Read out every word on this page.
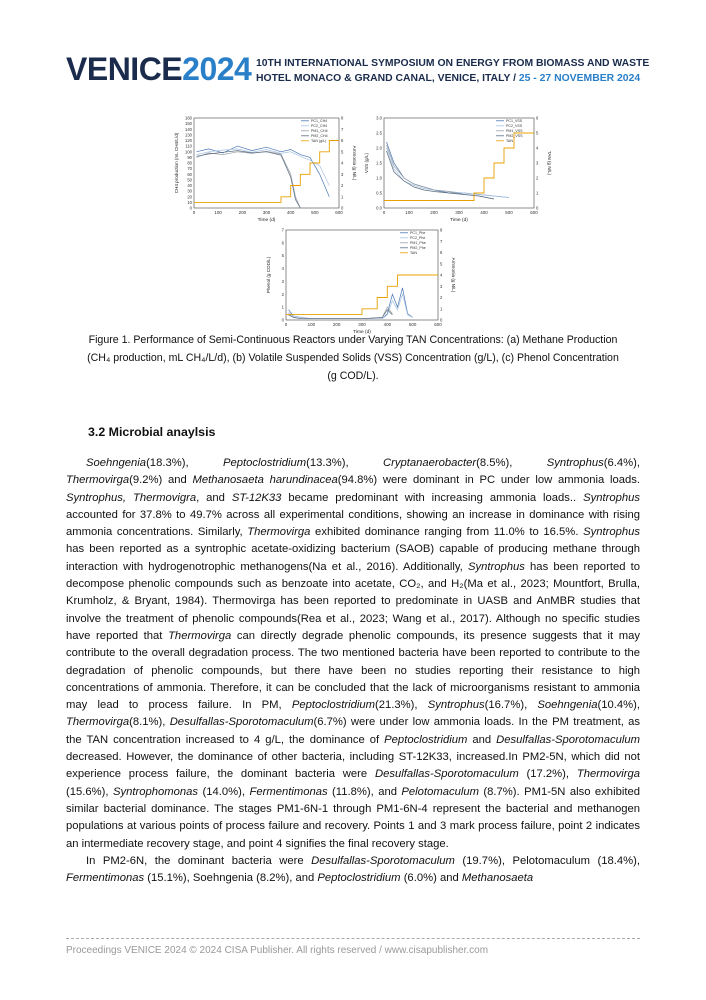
VENICE2024 10TH INTERNATIONAL SYMPOSIUM ON ENERGY FROM BIOMASS AND WASTE
HOTEL MONACO & GRAND CANAL, VENICE, ITALY / 25 - 27 NOVEMBER 2024
0	100	200	300	400	500	600
0
10
20
30
40
50
60
70
80
90
100
110
120
130
140
150
160
0
1
2
3
4
5
6
7
8
Time (d)
CH4 production (mL CH4/L/d)	Ammonia (g N/L)
PC1_CH4
PC2_CH4
PM1_CH4
PM2_CH4
TAN (g/L)
0	100	200	300	400	500	600
0.0
0.5
1.0
1.5
2.0
2.5
3.0
0
1
2
3
4
5
6
Time (d)
VSS (g/L)	TAN (g N/L)
PC1_VSS
PC2_VSS
PM1_VSS
PM2_VSS
TAN
0	100	200	300	400	500	600
0
1
2
3
4
5
6
7
0
1
2
3
4
5
6
7
8
Time (d)
Phenol (g COD/L)	Ammonia (g N/L)
PC1_Phe
PC2_Phe
PM1_Phe
PM2_Phe
TAN
Figure 1. Performance of Semi-Continuous Reactors under Varying TAN Concentrations: (a) Methane Production
(CH₄ production, mL CH₄/L/d), (b) Volatile Suspended Solids (VSS) Concentration (g/L), (c) Phenol Concentration
(g COD/L).
3.2 Microbial anaylsis

Soehngenia(18.3%), Peptoclostridium(13.3%), Cryptanaerobacter(8.5%), Syntrophus(6.4%), Thermovirga(9.2%) and Methanosaeta harundinacea(94.8%) were dominant in PC under low ammonia loads. Syntrophus, Thermovigra, and ST-12K33 became predominant with increasing ammonia loads.. Syntrophus accounted for 37.8% to 49.7% across all experimental conditions, showing an increase in dominance with rising ammonia concentrations. Similarly, Thermovirga exhibited dominance ranging from 11.0% to 16.5%. Syntrophus has been reported as a syntrophic acetate-oxidizing bacterium (SAOB) capable of producing methane through interaction with hydrogenotrophic methanogens(Na et al., 2016). Additionally, Syntrophus has been reported to decompose phenolic compounds such as benzoate into acetate, CO₂, and H₂(Ma et al., 2023; Mountfort, Brulla, Krumholz, & Bryant, 1984). Thermovirga has been reported to predominate in UASB and AnMBR studies that involve the treatment of phenolic compounds(Rea et al., 2023; Wang et al., 2017). Although no specific studies have reported that Thermovirga can directly degrade phenolic compounds, its presence suggests that it may contribute to the overall degradation process. The two mentioned bacteria have been reported to contribute to the degradation of phenolic compounds, but there have been no studies reporting their resistance to high concentrations of ammonia. Therefore, it can be concluded that the lack of microorganisms resistant to ammonia may lead to process failure. In PM, Peptoclostridium(21.3%), Syntrophus(16.7%), Soehngenia(10.4%), Thermovirga(8.1%), Desulfallas-Sporotomaculum(6.7%) were under low ammonia loads. In the PM treatment, as the TAN concentration increased to 4 g/L, the dominance of Peptoclostridium and Desulfallas-Sporotomaculum decreased. However, the dominance of other bacteria, including ST-12K33, increased.In PM2-5N, which did not experience process failure, the dominant bacteria were Desulfallas-Sporotomaculum (17.2%), Thermovirga (15.6%), Syntrophomonas (14.0%), Fermentimonas (11.8%), and Pelotomaculum (8.7%). PM1-5N also exhibited similar bacterial dominance. The stages PM1-6N-1 through PM1-6N-4 represent the bacterial and methanogen populations at various points of process failure and recovery. Points 1 and 3 mark process failure, point 2 indicates an intermediate recovery stage, and point 4 signifies the final recovery stage.

In PM2-6N, the dominant bacteria were Desulfallas-Sporotomaculum (19.7%), Pelotomaculum (18.4%), Fermentimonas (15.1%), Soehngenia (8.2%), and Peptoclostridium (6.0%) and Methanosaeta

Proceedings VENICE 2024 © 2024 CISA Publisher. All rights reserved / www.cisapublisher.com
